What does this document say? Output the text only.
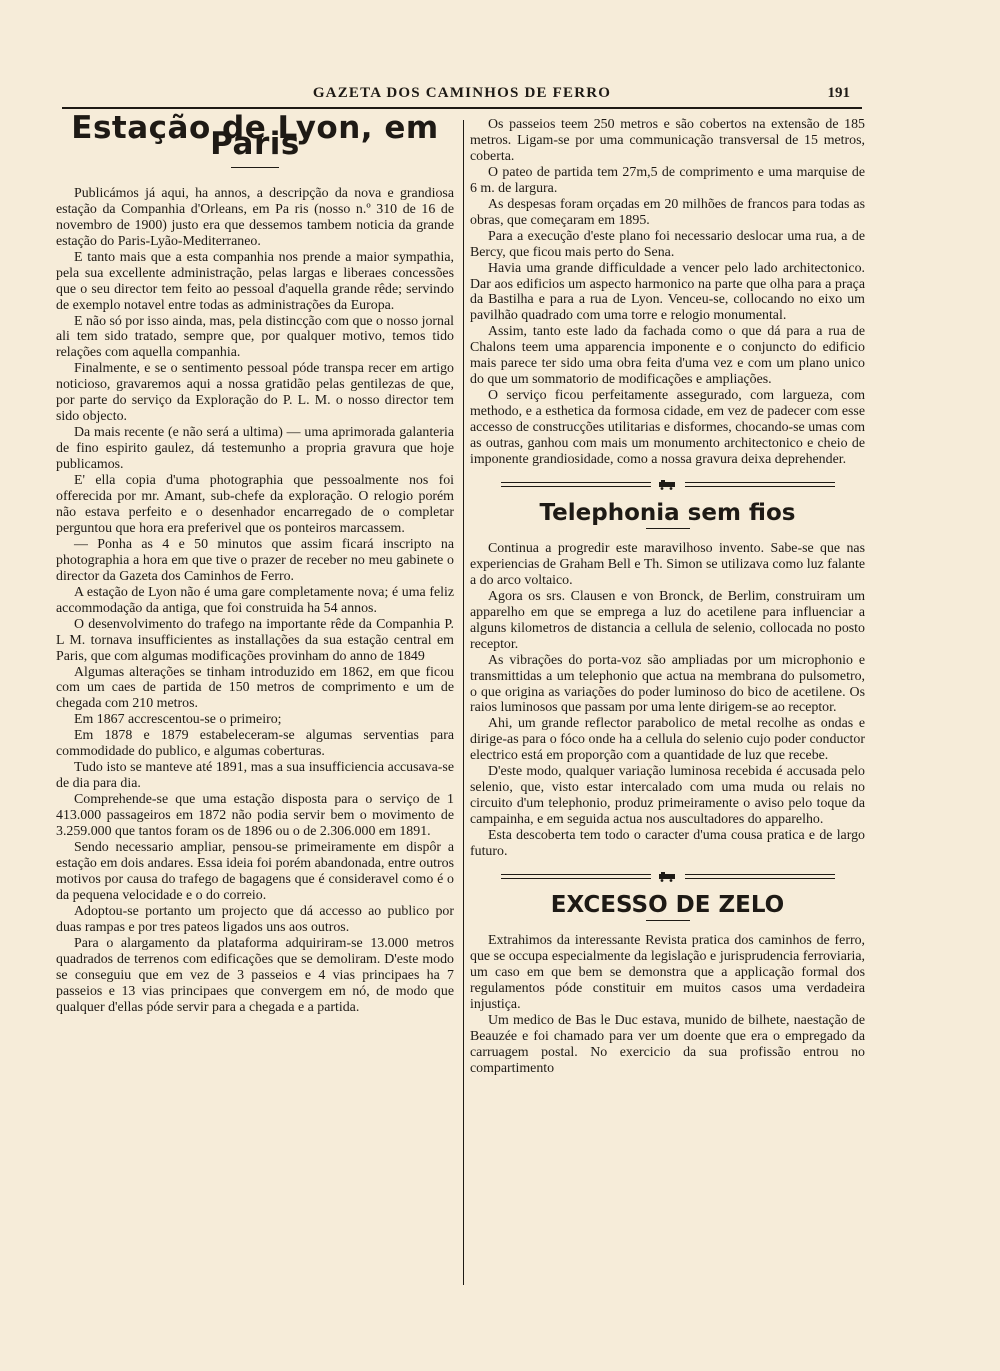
GAZETA DOS CAMINHOS DE FERRO	191
Estação de Lyon, em Paris

Publicámos já aqui, ha annos, a descripção da nova e grandiosa estação da Companhia d'Orleans, em Pa ris (nosso n.º 310 de 16 de novembro de 1900) justo era que dessemos tambem noticia da grande estação do Paris-Lyão-Mediterraneo.

E tanto mais que a esta companhia nos prende a maior sympathia, pela sua excellente administração, pelas largas e liberaes concessões que o seu director tem feito ao pessoal d'aquella grande rêde; servindo de exemplo notavel entre todas as administrações da Europa.

E não só por isso ainda, mas, pela distincção com que o nosso jornal ali tem sido tratado, sempre que, por qualquer motivo, temos tido relações com aquella companhia.

Finalmente, e se o sentimento pessoal póde transpa recer em artigo noticioso, gravaremos aqui a nossa gratidão pelas gentilezas de que, por parte do serviço da Exploração do P. L. M. o nosso director tem sido objecto.

Da mais recente (e não será a ultima) — uma aprimorada galanteria de fino espirito gaulez, dá testemunho a propria gravura que hoje publicamos.

E' ella copia d'uma photographia que pessoalmente nos foi offerecida por mr. Amant, sub-chefe da exploração. O relogio porém não estava perfeito e o desenhador encarregado de o completar perguntou que hora era preferivel que os ponteiros marcassem.

— Ponha as 4 e 50 minutos que assim ficará inscripto na photographia a hora em que tive o prazer de receber no meu gabinete o director da Gazeta dos Caminhos de Ferro.

A estação de Lyon não é uma gare completamente nova; é uma feliz accommodação da antiga, que foi construida ha 54 annos.

O desenvolvimento do trafego na importante rêde da Companhia P. L M. tornava insufficientes as installações da sua estação central em Paris, que com algumas modificações provinham do anno de 1849

Algumas alterações se tinham introduzido em 1862, em que ficou com um caes de partida de 150 metros de comprimento e um de chegada com 210 metros.

Em 1867 accrescentou-se o primeiro;

Em 1878 e 1879 estabeleceram-se algumas serventias para commodidade do publico, e algumas coberturas.

Tudo isto se manteve até 1891, mas a sua insufficiencia accusava-se de dia para dia.

Comprehende-se que uma estação disposta para o serviço de 1 413.000 passageiros em 1872 não podia servir bem o movimento de 3.259.000 que tantos foram os de 1896 ou o de 2.306.000 em 1891.

Sendo necessario ampliar, pensou-se primeiramente em dispôr a estação em dois andares. Essa ideia foi porém abandonada, entre outros motivos por causa do trafego de bagagens que é consideravel como é o da pequena velocidade e o do correio.

Adoptou-se portanto um projecto que dá accesso ao publico por duas rampas e por tres pateos ligados uns aos outros.

Para o alargamento da plataforma adquiriram-se 13.000 metros quadrados de terrenos com edificações que se demoliram. D'este modo se conseguiu que em vez de 3 passeios e 4 vias principaes ha 7 passeios e 13 vias principaes que convergem em nó, de modo que qualquer d'ellas póde servir para a chegada e a partida.

Os passeios teem 250 metros e são cobertos na extensão de 185 metros. Ligam-se por uma communicação transversal de 15 metros, coberta.

O pateo de partida tem 27m,5 de comprimento e uma marquise de 6 m. de largura.

As despesas foram orçadas em 20 milhões de francos para todas as obras, que começaram em 1895.

Para a execução d'este plano foi necessario deslocar uma rua, a de Bercy, que ficou mais perto do Sena.

Havia uma grande difficuldade a vencer pelo lado architectonico. Dar aos edificios um aspecto harmonico na parte que olha para a praça da Bastilha e para a rua de Lyon. Venceu-se, collocando no eixo um pavilhão quadrado com uma torre e relogio monumental.

Assim, tanto este lado da fachada como o que dá para a rua de Chalons teem uma apparencia imponente e o conjuncto do edificio mais parece ter sido uma obra feita d'uma vez e com um plano unico do que um sommatorio de modificações e ampliações.

O serviço ficou perfeitamente assegurado, com largueza, com methodo, e a esthetica da formosa cidade, em vez de padecer com esse accesso de construcções utilitarias e disformes, chocando-se umas com as outras, ganhou com mais um monumento architectonico e cheio de imponente grandiosidade, como a nossa gravura deixa deprehender.

Telephonia sem fios

Continua a progredir este maravilhoso invento. Sabe-se que nas experiencias de Graham Bell e Th. Simon se utilizava como luz falante a do arco voltaico.

Agora os srs. Clausen e von Bronck, de Berlim, construiram um apparelho em que se emprega a luz do acetilene para influenciar a alguns kilometros de distancia a cellula de selenio, collocada no posto receptor.

As vibrações do porta-voz são ampliadas por um microphonio e transmittidas a um telephonio que actua na membrana do pulsometro, o que origina as variações do poder luminoso do bico de acetilene. Os raios luminosos que passam por uma lente dirigem-se ao receptor.

Ahi, um grande reflector parabolico de metal recolhe as ondas e dirige-as para o fóco onde ha a cellula do selenio cujo poder conductor electrico está em proporção com a quantidade de luz que recebe.

D'este modo, qualquer variação luminosa recebida é accusada pelo selenio, que, visto estar intercalado com uma muda ou relais no circuito d'um telephonio, produz primeiramente o aviso pelo toque da campainha, e em seguida actua nos auscultadores do apparelho.

Esta descoberta tem todo o caracter d'uma cousa pratica e de largo futuro.

EXCESSO DE ZELO

Extrahimos da interessante Revista pratica dos caminhos de ferro, que se occupa especialmente da legislação e jurisprudencia ferroviaria, um caso em que bem se demonstra que a applicação formal dos regulamentos póde constituir em muitos casos uma verdadeira injustiça.

Um medico de Bas le Duc estava, munido de bilhete, naestação de Beauzée e foi chamado para ver um doente que era o empregado da carruagem postal. No exercicio da sua profissão entrou no compartimento
